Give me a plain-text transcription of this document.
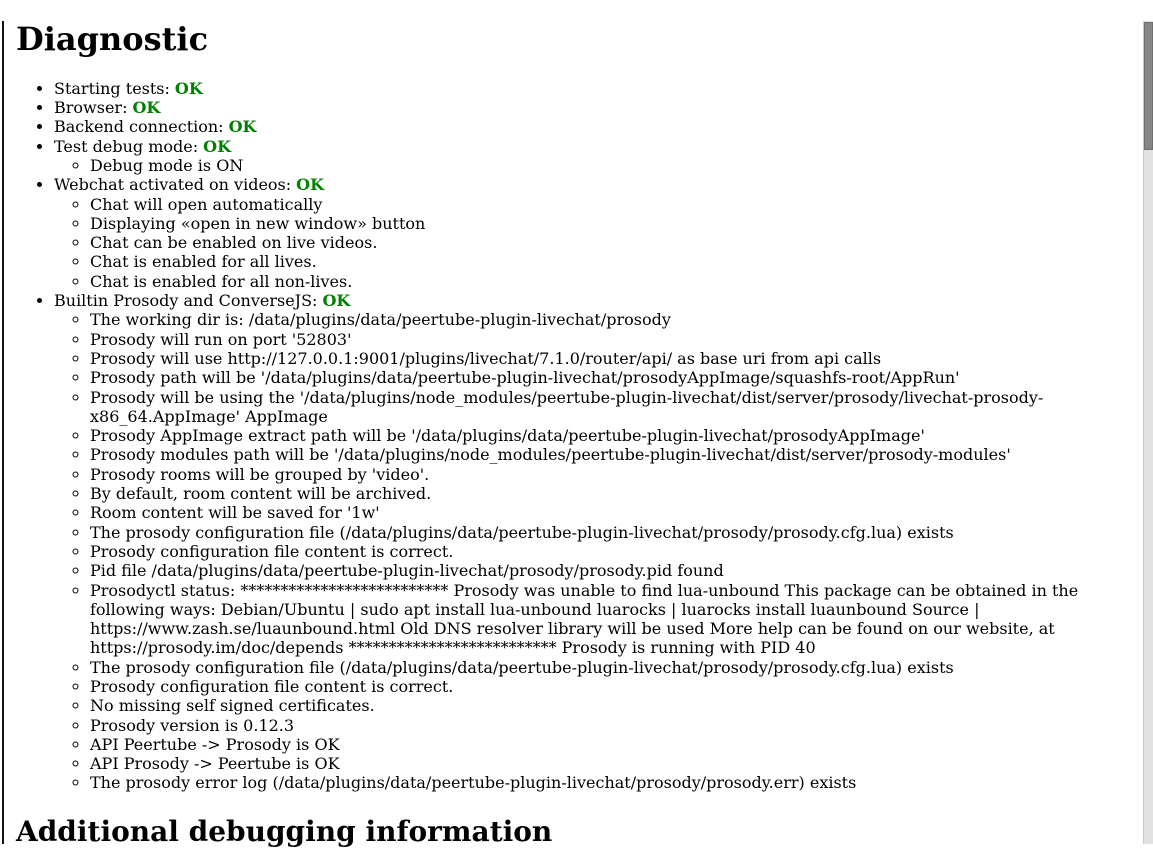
Diagnostic
• Starting tests: OK
• Browser: OK
• Backend connection: OK
• Test debug mode: OK
◦ Debug mode is ON
• Webchat activated on videos: OK
◦ Chat will open automatically
◦ Displaying «open in new window» button
◦ Chat can be enabled on live videos.
◦ Chat is enabled for all lives.
◦ Chat is enabled for all non-lives.
• Builtin Prosody and ConverseJS: OK
◦ The working dir is: /data/plugins/data/peertube-plugin-livechat/prosody
◦ Prosody will run on port '52803'
◦ Prosody will use http://127.0.0.1:9001/plugins/livechat/7.1.0/router/api/ as base uri from api calls
◦ Prosody path will be '/data/plugins/data/peertube-plugin-livechat/prosodyAppImage/squashfs-root/AppRun'
◦ Prosody will be using the '/data/plugins/node_modules/peertube-plugin-livechat/dist/server/prosody/livechat-prosody-x86_64.AppImage' AppImage
◦ Prosody AppImage extract path will be '/data/plugins/data/peertube-plugin-livechat/prosodyAppImage'
◦ Prosody modules path will be '/data/plugins/node_modules/peertube-plugin-livechat/dist/server/prosody-modules'
◦ Prosody rooms will be grouped by 'video'.
◦ By default, room content will be archived.
◦ Room content will be saved for '1w'
◦ The prosody configuration file (/data/plugins/data/peertube-plugin-livechat/prosody/prosody.cfg.lua) exists
◦ Prosody configuration file content is correct.
◦ Pid file /data/plugins/data/peertube-plugin-livechat/prosody/prosody.pid found
◦ Prosodyctl status: ************************** Prosody was unable to find lua-unbound This package can be obtained in the following ways: Debian/Ubuntu | sudo apt install lua-unbound luarocks | luarocks install luaunbound Source | https://www.zash.se/luaunbound.html Old DNS resolver library will be used More help can be found on our website, at https://prosody.im/doc/depends ************************** Prosody is running with PID 40
◦ The prosody configuration file (/data/plugins/data/peertube-plugin-livechat/prosody/prosody.cfg.lua) exists
◦ Prosody configuration file content is correct.
◦ No missing self signed certificates.
◦ Prosody version is 0.12.3
◦ API Peertube -> Prosody is OK
◦ API Prosody -> Peertube is OK
◦ The prosody error log (/data/plugins/data/peertube-plugin-livechat/prosody/prosody.err) exists
Additional debugging information
